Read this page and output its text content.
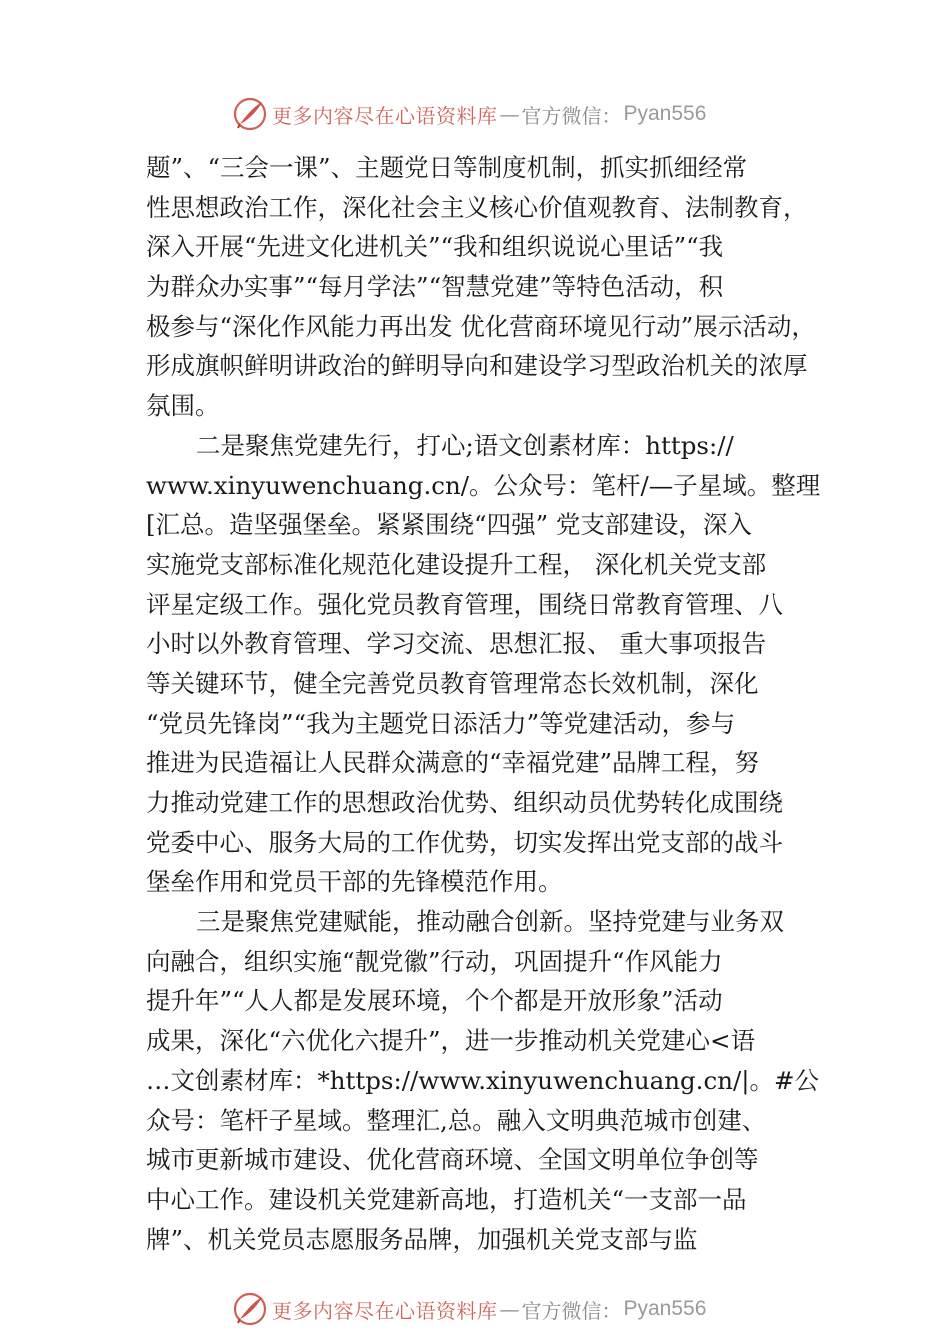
更多内容尽在心语资料库 — 官方微信： Pyan556
题”、“三会一课”、主题党日等制度机制，抓实抓细经常
性思想政治工作，深化社会主义核心价值观教育、法制教育，
深入开展“先进文化进机关”“我和组织说说心里话”“我
为群众办实事”“每月学法”“智慧党建”等特色活动，积
极参与“深化作风能力再出发 优化营商环境见行动”展示活动，
形成旗帜鲜明讲政治的鲜明导向和建设学习型政治机关的浓厚
氛围。
二是聚焦党建先行，打心;语文创素材库：https://
www.xinyuwenchuang.cn/。公众号：笔杆/—子星域。整理
[汇总。造坚强堡垒。紧紧围绕“四强” 党支部建设，深入
实施党支部标准化规范化建设提升工程， 深化机关党支部
评星定级工作。强化党员教育管理，围绕日常教育管理、八
小时以外教育管理、学习交流、思想汇报、 重大事项报告
等关键环节，健全完善党员教育管理常态长效机制，深化
“党员先锋岗”“我为主题党日添活力”等党建活动，参与
推进为民造福让人民群众满意的“幸福党建”品牌工程，努
力推动党建工作的思想政治优势、组织动员优势转化成围绕
党委中心、服务大局的工作优势，切实发挥出党支部的战斗
堡垒作用和党员干部的先锋模范作用。
三是聚焦党建赋能，推动融合创新。坚持党建与业务双
向融合，组织实施“靓党徽”行动，巩固提升“作风能力
提升年”“人人都是发展环境，个个都是开放形象”活动
成果，深化“六优化六提升”，进一步推动机关党建心<语
…文创素材库：*https://www.xinyuwenchuang.cn/|。#公
众号：笔杆子星域。整理汇,总。融入文明典范城市创建、
城市更新城市建设、优化营商环境、全国文明单位争创等
中心工作。建设机关党建新高地，打造机关“一支部一品
牌”、机关党员志愿服务品牌，加强机关党支部与监
更多内容尽在心语资料库 — 官方微信： Pyan556
